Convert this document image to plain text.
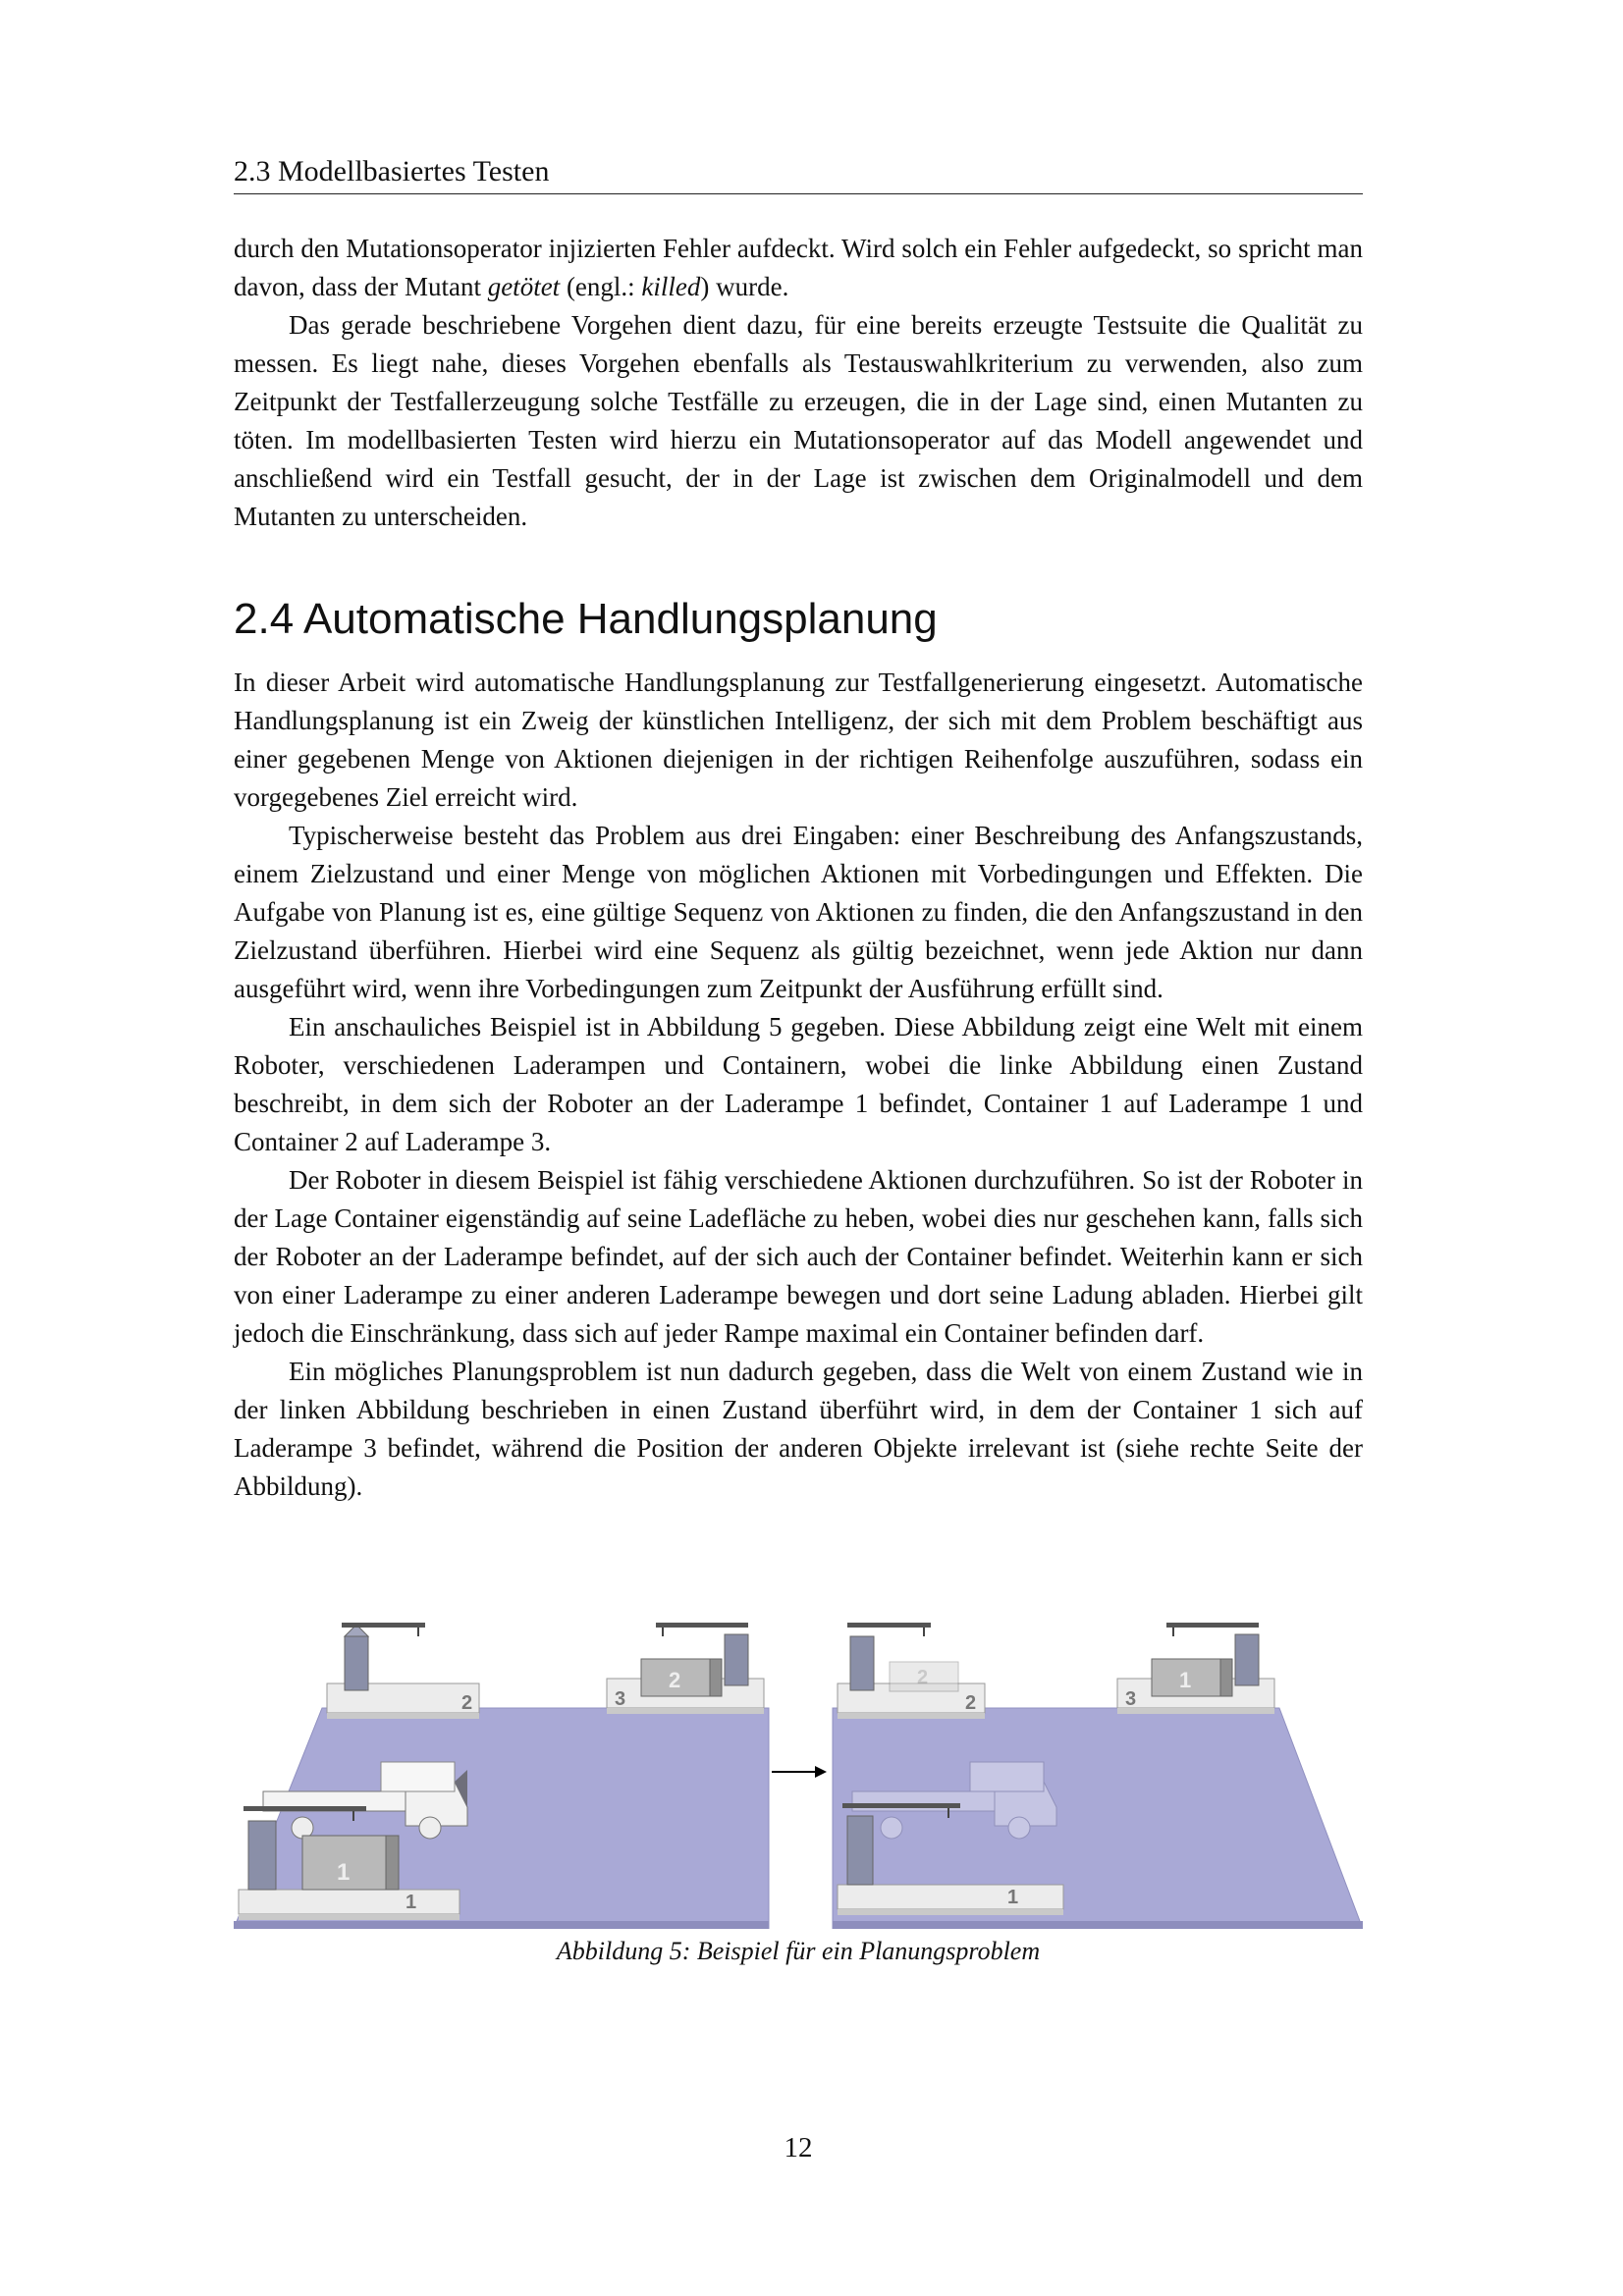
2.3 Modellbasiertes Testen

durch den Mutationsoperator injizierten Fehler aufdeckt. Wird solch ein Fehler aufgedeckt, so spricht man davon, dass der Mutant getötet (engl.: killed) wurde.

Das gerade beschriebene Vorgehen dient dazu, für eine bereits erzeugte Testsuite die Qualität zu messen. Es liegt nahe, dieses Vorgehen ebenfalls als Testauswahlkriterium zu verwenden, also zum Zeitpunkt der Testfallerzeugung solche Testfälle zu erzeugen, die in der Lage sind, einen Mutanten zu töten. Im modellbasierten Testen wird hierzu ein Mutationsoperator auf das Modell angewendet und anschließend wird ein Testfall gesucht, der in der Lage ist zwischen dem Originalmodell und dem Mutanten zu unterscheiden.

2.4 Automatische Handlungsplanung

In dieser Arbeit wird automatische Handlungsplanung zur Testfallgenerierung eingesetzt. Automatische Handlungsplanung ist ein Zweig der künstlichen Intelligenz, der sich mit dem Problem beschäftigt aus einer gegebenen Menge von Aktionen diejenigen in der richtigen Reihenfolge auszuführen, sodass ein vorgegebenes Ziel erreicht wird.

Typischerweise besteht das Problem aus drei Eingaben: einer Beschreibung des Anfangszustands, einem Zielzustand und einer Menge von möglichen Aktionen mit Vorbedingungen und Effekten. Die Aufgabe von Planung ist es, eine gültige Sequenz von Aktionen zu finden, die den Anfangszustand in den Zielzustand überführen. Hierbei wird eine Sequenz als gültig bezeichnet, wenn jede Aktion nur dann ausgeführt wird, wenn ihre Vorbedingungen zum Zeitpunkt der Ausführung erfüllt sind.

Ein anschauliches Beispiel ist in Abbildung 5 gegeben. Diese Abbildung zeigt eine Welt mit einem Roboter, verschiedenen Laderampen und Containern, wobei die linke Abbildung einen Zustand beschreibt, in dem sich der Roboter an der Laderampe 1 befindet, Container 1 auf Laderampe 1 und Container 2 auf Laderampe 3.

Der Roboter in diesem Beispiel ist fähig verschiedene Aktionen durchzuführen. So ist der Roboter in der Lage Container eigenständig auf seine Ladefläche zu heben, wobei dies nur geschehen kann, falls sich der Roboter an der Laderampe befindet, auf der sich auch der Container befindet. Weiterhin kann er sich von einer Laderampe zu einer anderen Laderampe bewegen und dort seine Ladung abladen. Hierbei gilt jedoch die Einschränkung, dass sich auf jeder Rampe maximal ein Container befinden darf.

Ein mögliches Planungsproblem ist nun dadurch gegeben, dass die Welt von einem Zustand wie in der linken Abbildung beschrieben in einen Zustand überführt wird, in dem der Container 1 sich auf Laderampe 3 befindet, während die Position der anderen Objekte irrelevant ist (siehe rechte Seite der Abbildung).

2	3
2
1
1
2
2
3
1
1
Abbildung 5: Beispiel für ein Planungsproblem
12
